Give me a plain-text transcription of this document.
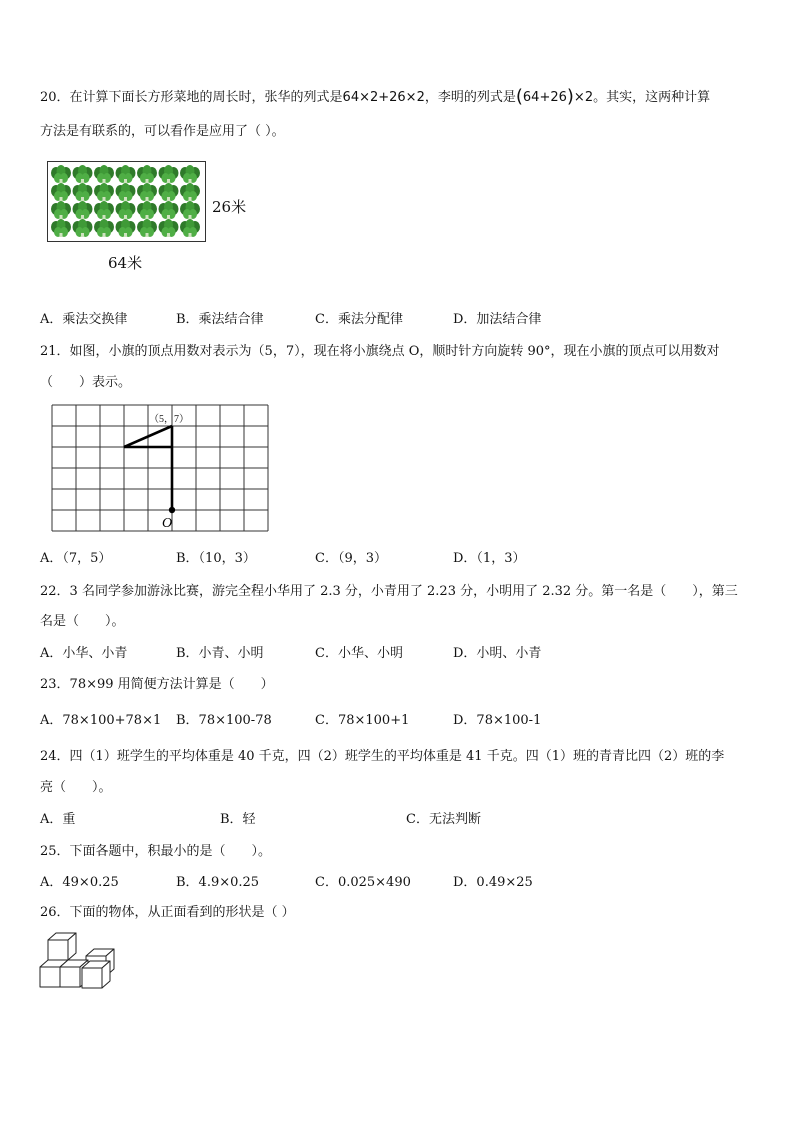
20．在计算下面长方形菜地的周长时，张华的列式是64×2+26×2，李明的列式是(64+26)×2。其实，这两种计算
方法是有联系的，可以看作是应用了（ ）。
26米
64米
A．乘法交换律	B．乘法结合律	C．乘法分配律	D．加法结合律
21．如图，小旗的顶点用数对表示为（5，7），现在将小旗绕点 O，顺时针方向旋转 90°，现在小旗的顶点可以用数对
（　　）表示。
（5，7）
O
A．（7，5）	B．（10，3）	C．（9，3）	D．（1，3）
22．3 名同学参加游泳比赛，游完全程小华用了 2.3 分，小青用了 2.23 分，小明用了 2.32 分。第一名是（　　），第三
名是（　　）。
A．小华、小青	B．小青、小明	C．小华、小明	D．小明、小青
23．78×99 用简便方法计算是（　　）
A．78×100+78×1 B．78×100-78	C．78×100+1	D．78×100-1
24．四（1）班学生的平均体重是 40 千克，四（2）班学生的平均体重是 41 千克。四（1）班的青青比四（2）班的李
亮（　　）。
A．重	B．轻	C．无法判断
25．下面各题中，积最小的是（　　）。
A．49×0.25	B．4.9×0.25	C．0.025×490	D．0.49×25
26．下面的物体，从正面看到的形状是（ ）
